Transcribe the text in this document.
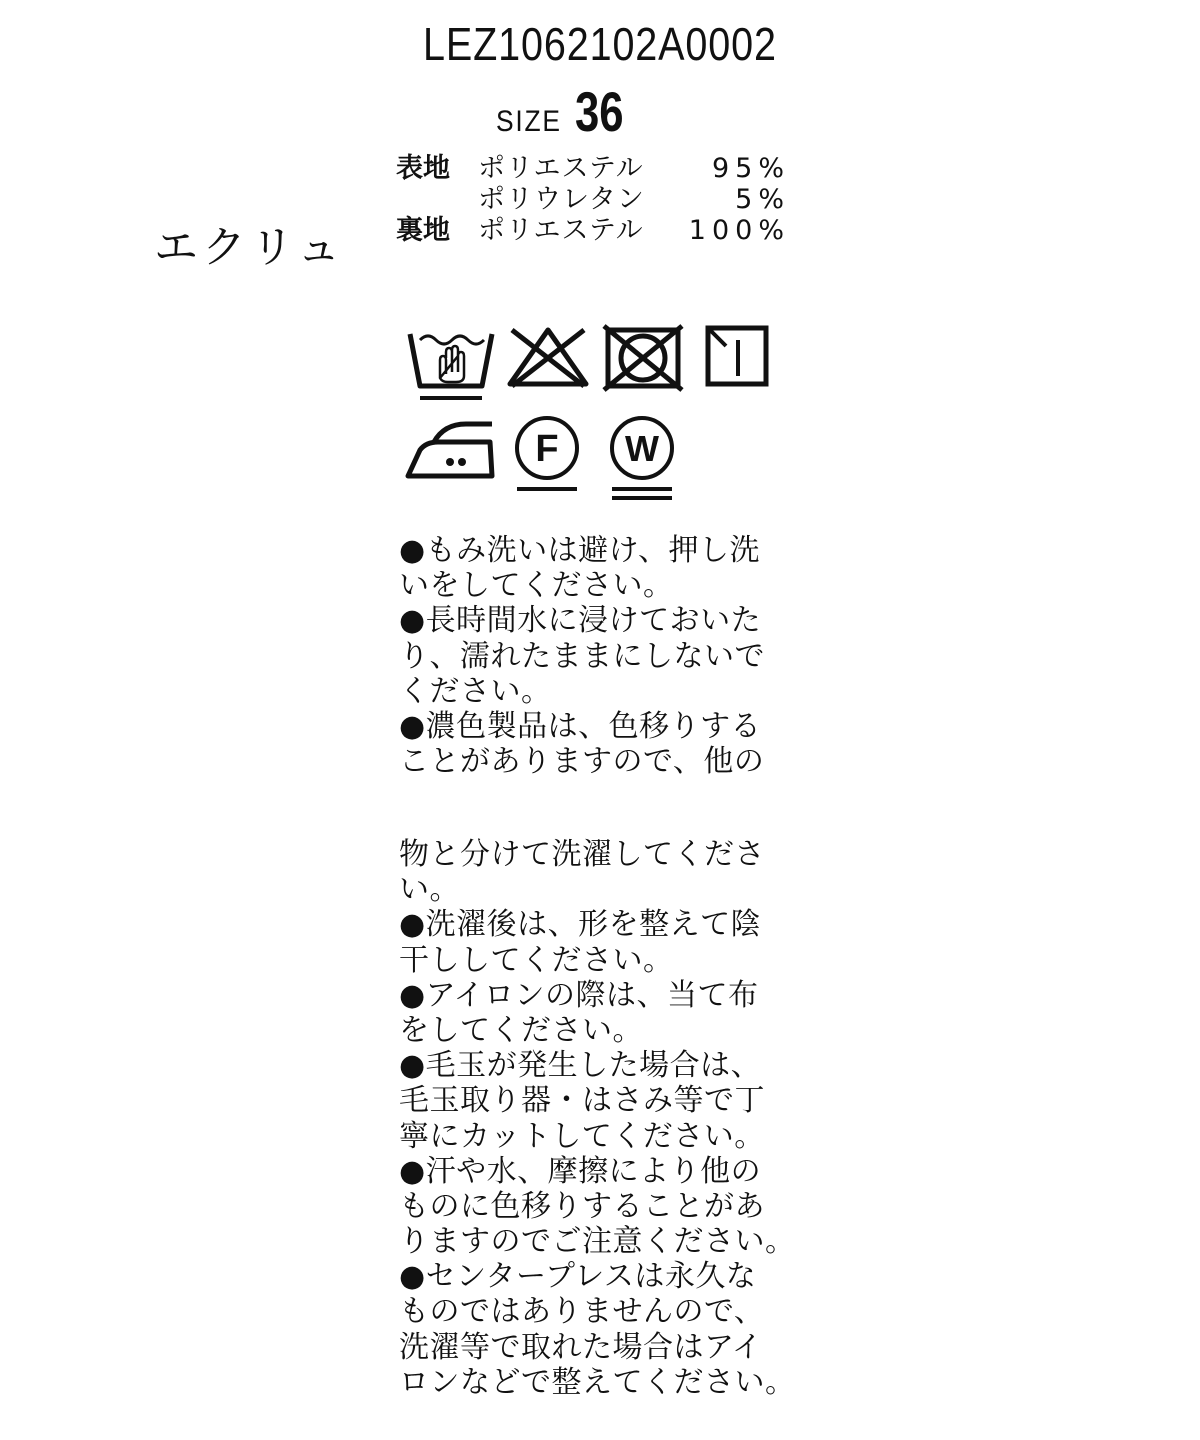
LEZ1062102A0002
SIZE 36
エクリュ
表地 ポリエステル	95%
ポリウレタン	5%
裏地 ポリエステル 100%
F W
●もみ洗いは避け、押し洗
いをしてください。
●長時間水に浸けておいた
り、濡れたままにしないで
ください。
●濃色製品は、色移りする
ことがありますので、他の
物と分けて洗濯してくださ
い。
●洗濯後は、形を整えて陰
干ししてください。
●アイロンの際は、当て布
をしてください。
●毛玉が発生した場合は、
毛玉取り器・はさみ等で丁
寧にカットしてください。
●汗や水、摩擦により他の
ものに色移りすることがあ
りますのでご注意ください。
●センタープレスは永久な
ものではありませんので、
洗濯等で取れた場合はアイ
ロンなどで整えてください。
